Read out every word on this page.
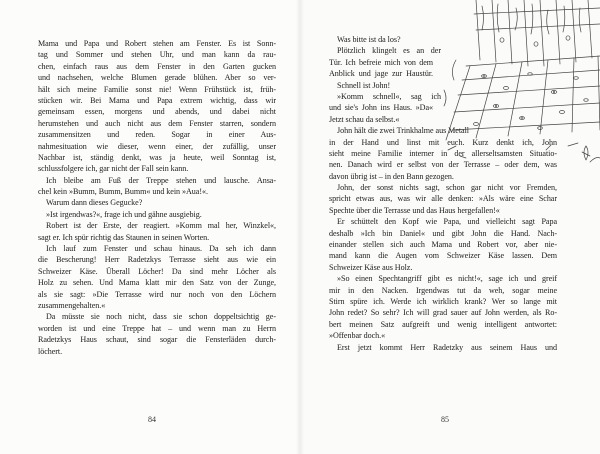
Mama und Papa und Robert stehen am Fenster. Es ist Sonn-
tag und Sommer und stehen Uhr, und man kann da rau-
chen, einfach raus aus dem Fenster in den Garten gucken
und nachsehen, welche Blumen gerade blühen. Aber so ver-
hält sich meine Familie sonst nie! Wenn Frühstück ist, früh-
stücken wir. Bei Mama und Papa extrem wichtig, dass wir
gemeinsam essen, morgens und abends, und dabei nicht
herumstehen und auch nicht aus dem Fenster starren, sondern
zusammensitzen und reden. Sogar in einer Aus-
nahmesituation wie dieser, wenn einer, der zufällig, unser
Nachbar ist, ständig denkt, was ja heute, weil Sonntag ist,
schlussfolgere ich, gar nicht der Fall sein kann.
Ich bleibe am Fuß der Treppe stehen und lausche. Ansa-
chel kein »Bumm, Bumm, Bumm« und kein »Aua!«.
Warum dann dieses Gegucke?
»Ist irgendwas?«, frage ich und gähne ausgiebig.
Robert ist der Erste, der reagiert. »Komm mal her, Winzkel«,
sagt er. Ich spür richtig das Staunen in seinen Worten.
Ich lauf zum Fenster und schau hinaus. Da seh ich dann
die Bescherung! Herr Radetzkys Terrasse sieht aus wie ein
Schweizer Käse. Überall Löcher! Da sind mehr Löcher als
Holz zu sehen. Und Mama klatt mir den Satz von der Zunge,
als sie sagt: »Die Terrasse wird nur noch von den Löchern
zusammengehalten.«
Da müsste sie noch nicht, dass sie schon doppeltsichtig ge-
worden ist und eine Treppe hat – und wenn man zu Herrn
Radetzkys Haus schaut, sind sogar die Fensterläden durch-
löchert.
Was bitte ist da los?
Plötzlich klingelt es an der
Tür. Ich befreie mich von dem
Anblick und jage zur Haustür.
Schnell ist John!
»Komm schnell«, sag ich
und sie's John ins Haus. »Da«
Jetzt schau da selbst.«
John hält die zwei Trinkhalme aus Metall
in der Hand und linst mit euch. Kurz denkt ich, John
sieht meine Familie interner in der allerseltsamsten Situatio-
nen. Danach wird er selbst von der Terrasse – oder dem, was
davon übrig ist – in den Bann gezogen.
John, der sonst nichts sagt, schon gar nicht vor Fremden,
spricht etwas aus, was wir alle denken: »Als wäre eine Schar
Spechte über die Terrasse und das Haus hergefallen!«
Er schüttelt den Kopf wie Papa, und vielleicht sagt Papa
deshalb »Ich bin Daniel« und gibt John die Hand. Nach-
einander stellen sich auch Mama und Robert vor, aber nie-
mand kann die Augen vom Schweizer Käse lassen. Dem
Schweizer Käse aus Holz.
»So einen Spechtangriff gibt es nicht!«, sage ich und greif
mir in den Nacken. Irgendwas tut da weh, sogar meine
Stirn spüre ich. Werde ich wirklich krank? Wer so lange mit
John redet? So sehr? Ich will grad sauer auf John werden, als Ro-
bert meinen Satz aufgreift und wenig intelligent antwortet:
»Offenbar doch.«
Erst jetzt kommt Herr Radetzky aus seinem Haus und
84	85
